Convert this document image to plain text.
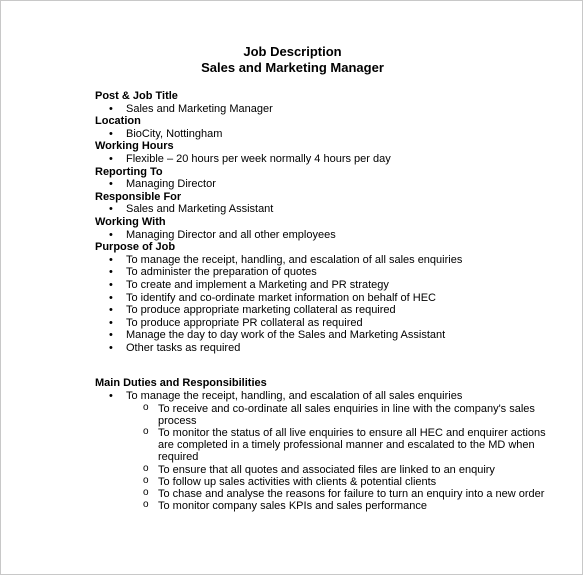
Job Description

Sales and Marketing Manager

Post & Job Title
• Sales and Marketing Manager
Location
• BioCity, Nottingham
Working Hours
• Flexible – 20 hours per week normally 4 hours per day
Reporting To
• Managing Director
Responsible For
• Sales and Marketing Assistant
Working With
• Managing Director and all other employees
Purpose of Job
• To manage the receipt, handling, and escalation of all sales enquiries
• To administer the preparation of quotes
• To create and implement a Marketing and PR strategy
• To identify and co-ordinate market information on behalf of HEC
• To produce appropriate marketing collateral as required
• To produce appropriate PR collateral as required
• Manage the day to day work of the Sales and Marketing Assistant
• Other tasks as required
Main Duties and Responsibilities
• To manage the receipt, handling, and escalation of all sales enquiries
o To receive and co-ordinate all sales enquiries in line with the company's sales process
o To monitor the status of all live enquiries to ensure all HEC and enquirer actions are completed in a timely professional manner and escalated to the MD when required
o To ensure that all quotes and associated files are linked to an enquiry
o To follow up sales activities with clients & potential clients
o To chase and analyse the reasons for failure to turn an enquiry into a new order
o To monitor company sales KPIs and sales performance
